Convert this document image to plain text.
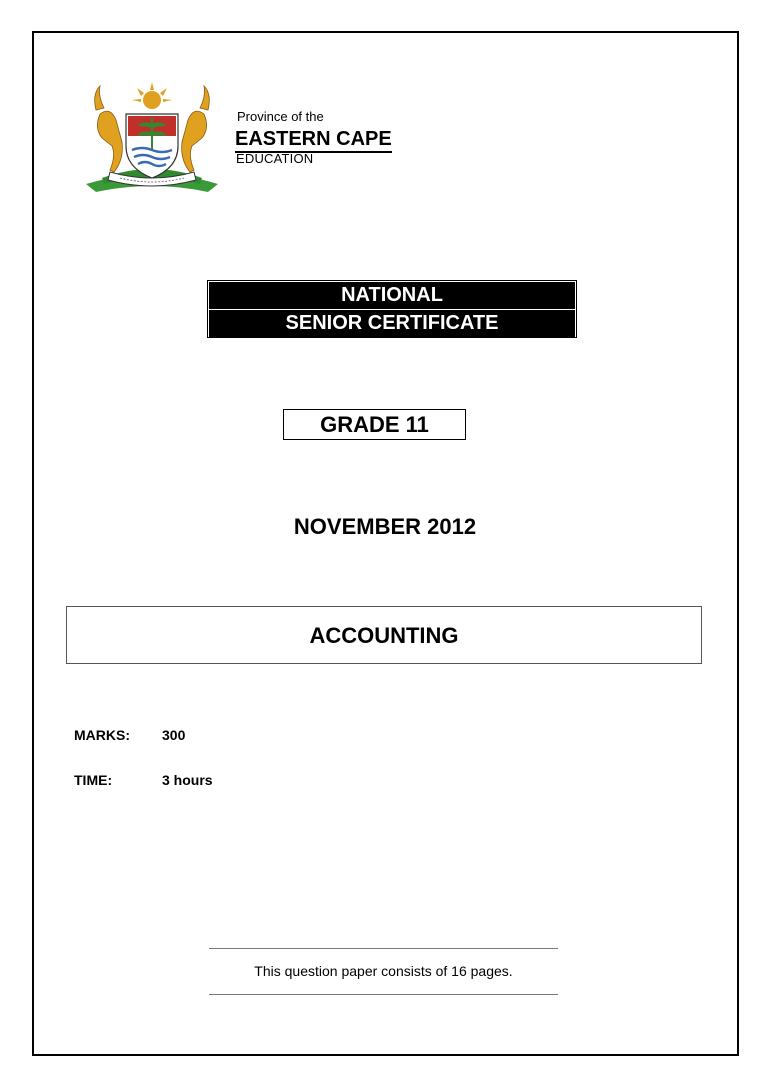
Province of the
EASTERN CAPE
EDUCATION
NATIONAL
SENIOR CERTIFICATE
GRADE 11
NOVEMBER 2012
ACCOUNTING
MARKS:	300
TIME:	3 hours
This question paper consists of 16 pages.
